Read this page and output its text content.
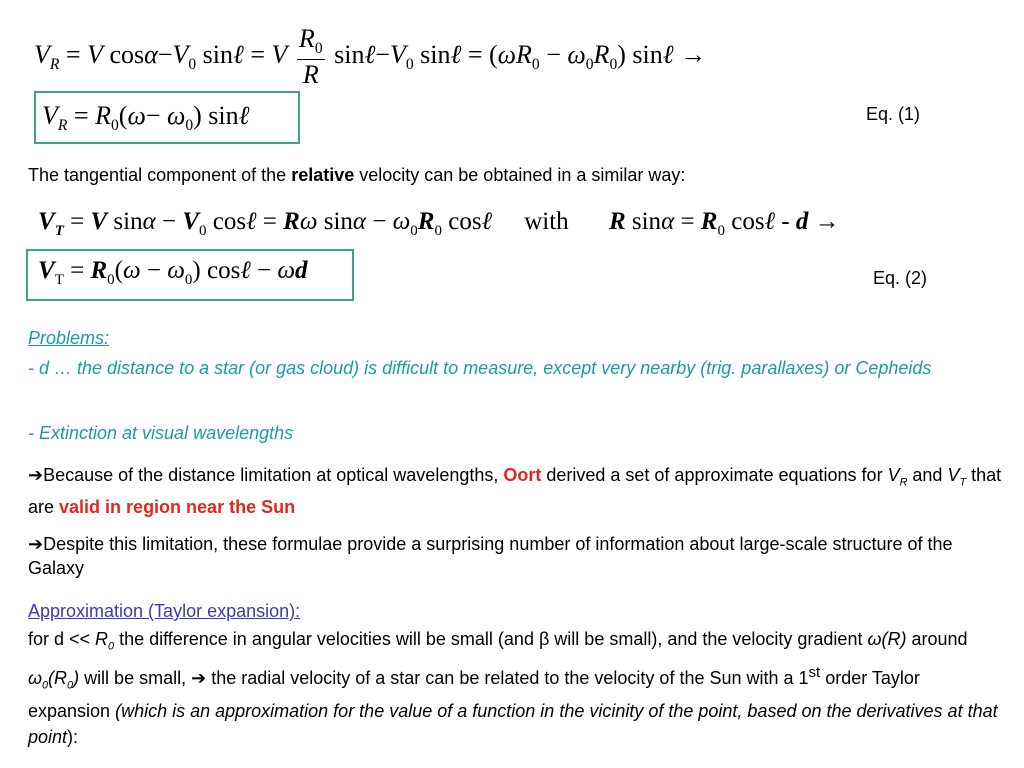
$V_R = V$ $\cos\alpha-V_0$ sinℓ = V $\frac{R_0}{R}$ $\sin\ell-V_0$ sinℓ = $(\omega R_0 - \omega_0R_0)$ sinℓ →
$V_R = R_0(\omega- \omega_0)$ sinℓ	Eq. (1)
The tangential component of the relative velocity can be obtained in a similar way:
$V_T = V$ $\sin\alpha - V_0$ cosℓ = Rω $\sin\alpha - \omega_0R_0$ cosℓ with R $\sin\alpha = R_0$ cosℓ - d →
$V_T = R_0(\omega - \omega_0)$ cosℓ − ωd	Eq. (2)
Problems:
- d … the distance to a star (or gas cloud) is difficult to measure, except very nearby (trig. parallaxes) or Cepheids
- Extinction at visual wavelengths
➔Because of the distance limitation at optical wavelengths, Oort derived a set of approximate equations for $V_R$ and $V_T$ that are valid in region near the Sun
➔Despite this limitation, these formulae provide a surprising number of information about large-scale structure of the Galaxy
Approximation (Taylor expansion):
for $d << R_0$ the difference in angular velocities will be small (and β will be small), and the velocity gradient ω(R) around $\omega_0(R_0)$ will be small, ➔ the radial velocity of a star can be related to the velocity of the Sun with a 1st order Taylor expansion (which is an approximation for the value of a function in the vicinity of the point, based on the derivatives at that point):
